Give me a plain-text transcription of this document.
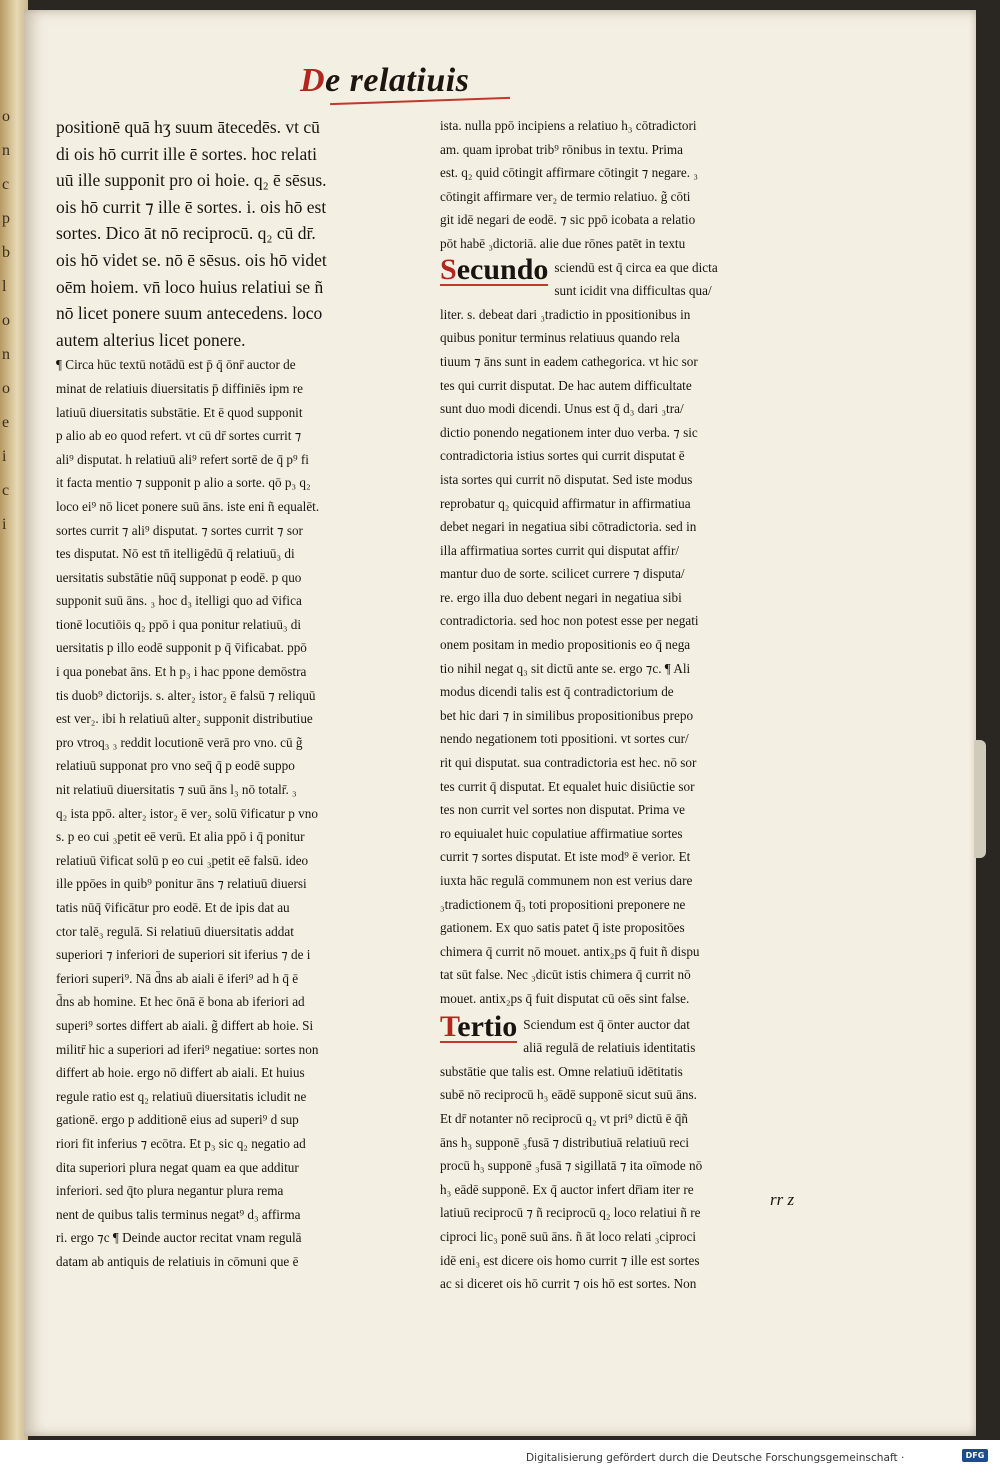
o
n
c
p
b
l
o
n
o
e
i
c
i
De relatiuis
positionē quā hʒ suum ātecedēs. vt cū
di ois hō currit ille ē sortes. hoc relati
uū ille supponit pro oi hoie. q₂ ē sēsus.
ois hō currit ⁊ ille ē sortes. i. ois hō est
sortes. Dico āt nō reciprocū. q₂ cū dr̄.
ois hō videt se. nō ē sēsus. ois hō videt
oēm hoiem. vn̄ loco huius relatiui se ñ
nō licet ponere suum antecedens. loco
autem alterius licet ponere.
¶ Circa hūc textū notādū est p̄ q̄ ōnr̄ auctor de
minat de relatiuis diuersitatis p̄ diffiniēs ipm re
latiuū diuersitatis substātie. Et ē quod supponit
p alio ab eo quod refert. vt cū dr̄ sortes currit ⁊
ali⁹ disputat. h relatiuū ali⁹ refert sortē de q̄ p⁹ fi
it facta mentio ⁊ supponit p alio a sorte. qō p₃ q₂
loco ei⁹ nō licet ponere suū āns. iste eni ñ equalēt.
sortes currit ⁊ ali⁹ disputat. ⁊ sortes currit ⁊ sor
tes disputat. Nō est tn̄ itelligēdū q̄ relatiuū₃ di
uersitatis substātie nūq̄ supponat p eodē. p quo
supponit suū āns. ₃ hoc d₃ itelligi quo ad v̄ifica
tionē locutiōis q₂ ppō i qua ponitur relatiuū₃ di
uersitatis p illo eodē supponit p q̄ v̄ificabat. ppō
i qua ponebat āns. Et h p₃ i hac ppone demōstra
tis duob⁹ dictorijs. s. alter₂ istor₂ ē falsū ⁊ reliquū
est ver₂. ibi h relatiuū alter₂ supponit distributiue
pro vtroq₃ ₃ reddit locutionē verā pro vno. cū g̃
relatiuū supponat pro vno seq̄ q̄ p eodē suppo
nit relatiuū diuersitatis ⁊ suū āns l₃ nō totalr̄. ₃
q₂ ista ppō. alter₂ istor₂ ē ver₂ solū v̄ificatur p vno
s. p eo cui ₃petit eē verū. Et alia ppō i q̄ ponitur
relatiuū v̄ificat solū p eo cui ₃petit eē falsū. ideo
ille ppōes in quib⁹ ponitur āns ⁊ relatiuū diuersi
tatis nūq̄ v̄ificātur pro eodē. Et de ipis dat au
ctor talē₃ regulā. Si relatiuū diuersitatis addat
superiori ⁊ inferiori de superiori sit iferius ⁊ de i
feriori superi⁹. Nā d̄ns ab aiali ē iferi⁹ ad h q̄ ē
d̄ns ab homine. Et hec ōnā ē bona ab iferiori ad
superi⁹ sortes differt ab aiali. g̃ differt ab hoie. Si
militr̄ hic a superiori ad iferi⁹ negatiue: sortes non
differt ab hoie. ergo nō differt ab aiali. Et huius
regule ratio est q₂ relatiuū diuersitatis icludit ne
gationē. ergo p additionē eius ad superi⁹ d sup
riori fit inferius ⁊ ecōtra. Et p₃ sic q₂ negatio ad
dita superiori plura negat quam ea que additur
inferiori. sed q̄to plura negantur plura rema
nent de quibus talis terminus negat⁹ d₃ affirma
ri. ergo ⁊c ¶ Deinde auctor recitat vnam regulā
datam ab antiquis de relatiuis in cōmuni que ē
ista. nulla ppō incipiens a relatiuo h₃ cōtradictori
am. quam iprobat trib⁹ rōnibus in textu. Prima
est. q₂ quid cōtingit affirmare cōtingit ⁊ negare. ₃
cōtingit affirmare ver₂ de termio relatiuo. g̃ cōti
git idē negari de eodē. ⁊ sic ppō icobata a relatio
pōt habē ₃dictoriā. alie due rōnes patēt in textu
Secundo sciendū est q̄ circa ea que dicta
sunt icidit vna difficultas qua/
liter. s. debeat dari ₃tradictio in ppositionibus in
quibus ponitur terminus relatiuus quando rela
tiuum ⁊ āns sunt in eadem cathegorica. vt hic sor
tes qui currit disputat. De hac autem difficultate
sunt duo modi dicendi. Unus est q̄ d₃ dari ₃tra/
dictio ponendo negationem inter duo verba. ⁊ sic
contradictoria istius sortes qui currit disputat ē
ista sortes qui currit nō disputat. Sed iste modus
reprobatur q₂ quicquid affirmatur in affirmatiua
debet negari in negatiua sibi cōtradictoria. sed in
illa affirmatiua sortes currit qui disputat affir/
mantur duo de sorte. scilicet currere ⁊ disputa/
re. ergo illa duo debent negari in negatiua sibi
contradictoria. sed hoc non potest esse per negati
onem positam in medio propositionis eo q̄ nega
tio nihil negat q₃ sit dictū ante se. ergo ⁊c. ¶ Ali
modus dicendi talis est q̄ contradictorium de
bet hic dari ⁊ in similibus propositionibus prepo
nendo negationem toti ppositioni. vt sortes cur/
rit qui disputat. sua contradictoria est hec. nō sor
tes currit q̄ disputat. Et equalet huic disiūctie sor
tes non currit vel sortes non disputat. Prima ve
ro equiualet huic copulatiue affirmatiue sortes
currit ⁊ sortes disputat. Et iste mod⁹ ē verior. Et
iuxta hāc regulā communem non est verius dare
₃tradictionem q̄₃ toti propositioni preponere ne
gationem. Ex quo satis patet q̄ iste propositōes
chimera q̄ currit nō mouet. antix₂ps q̄ fuit ñ dispu
tat sūt false. Nec ₃dicūt istis chimera q̄ currit nō
mouet. antix₂ps q̄ fuit disputat cū oēs sint false.
Tertio Sciendum est q̄ ōnter auctor dat
aliā regulā de relatiuis identitatis
substātie que talis est. Omne relatiuū idētitatis
subē nō reciprocū h₃ eādē supponē sicut suū āns.
Et dr̄ notanter nō reciprocū q₂ vt pri⁹ dictū ē q̄ñ
āns h₃ supponē ₃fusā ⁊ distributiuā relatiuū reci
procū h₃ supponē ₃fusā ⁊ sigillatā ⁊ ita oīmode nō
h₃ eādē supponē. Ex q̄ auctor infert dr̄iam iter re
latiuū reciprocū ⁊ ñ reciprocū q₂ loco relatiui ñ re
ciproci lic₃ ponē suū āns. ñ āt loco relati ₃ciproci
idē eni₃ est dicere ois homo currit ⁊ ille est sortes
ac si diceret ois hō currit ⁊ ois hō est sortes. Non
rr z
Digitalisierung gefördert durch die Deutsche Forschungsgemeinschaft ·	DFG
